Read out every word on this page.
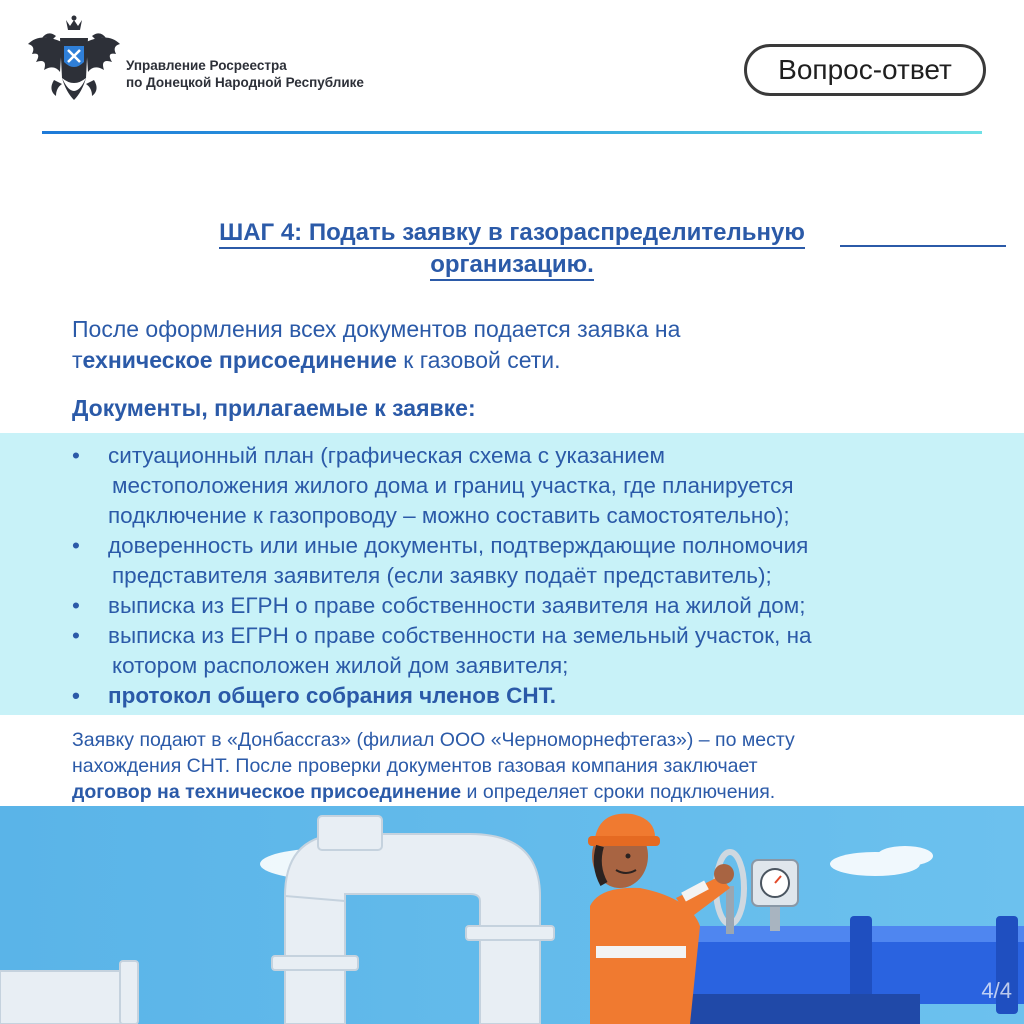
Управление Росреестра
по Донецкой Народной Республике	Вопрос-ответ
ШАГ 4: Подать заявку в газораспределительную
организацию.
После оформления всех документов подается заявка на
техническое присоединение к газовой сети.
Документы, прилагаемые к заявке:
• ситуационный план (графическая схема с указанием
местоположения жилого дома и границ участка, где планируется
подключение к газопроводу – можно составить самостоятельно);
• доверенность или иные документы, подтверждающие полномочия
представителя заявителя (если заявку подаёт представитель);
• выписка из ЕГРН о праве собственности заявителя на жилой дом;
• выписка из ЕГРН о праве собственности на земельный участок, на
котором расположен жилой дом заявителя;
• протокол общего собрания членов СНТ.
Заявку подают в «Донбассгаз» (филиал ООО «Черноморнефтегаз») – по месту
нахождения СНТ. После проверки документов газовая компания заключает
договор на техническое присоединение и определяет сроки подключения.
4/4
